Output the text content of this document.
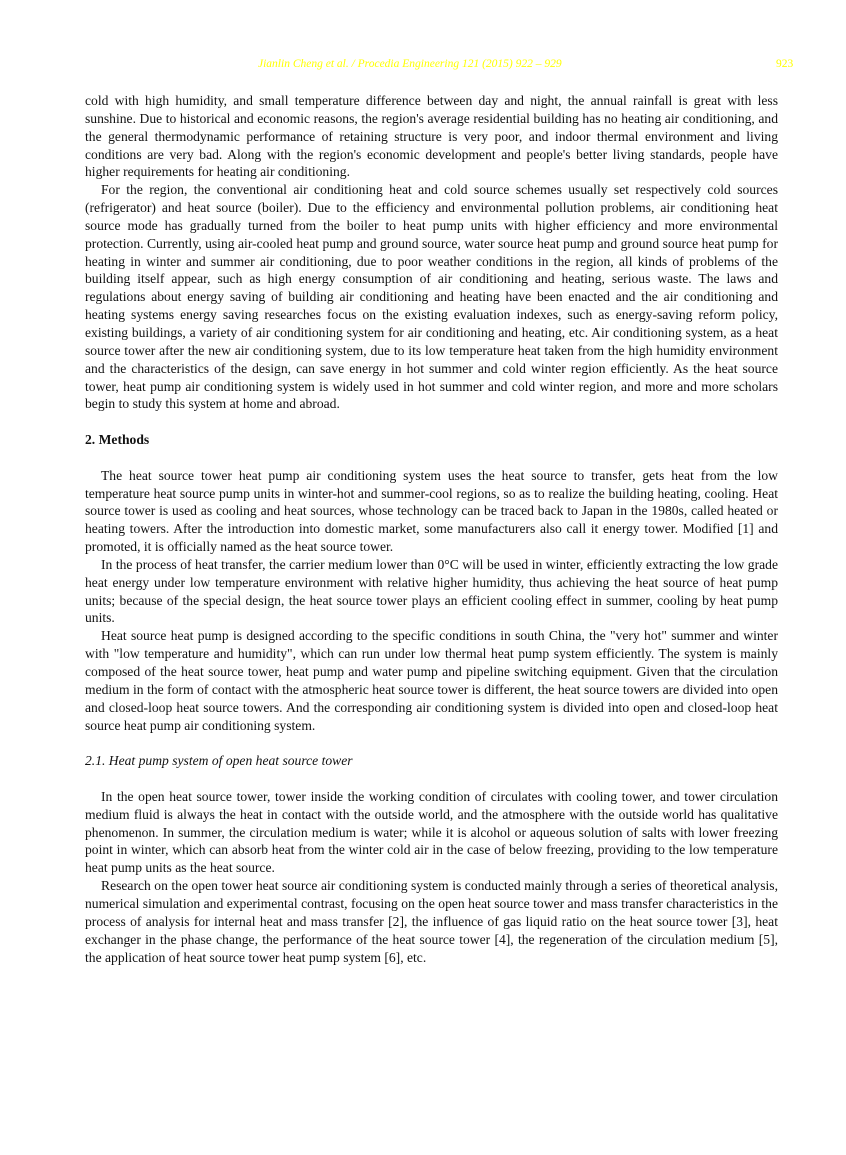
Jianlin Cheng et al. / Procedia Engineering 121 (2015) 922 – 929	923

cold with high humidity, and small temperature difference between day and night, the annual rainfall is great with less sunshine. Due to historical and economic reasons, the region's average residential building has no heating air conditioning, and the general thermodynamic performance of retaining structure is very poor, and indoor thermal environment and living conditions are very bad. Along with the region's economic development and people's better living standards, people have higher requirements for heating air conditioning.

For the region, the conventional air conditioning heat and cold source schemes usually set respectively cold sources (refrigerator) and heat source (boiler). Due to the efficiency and environmental pollution problems, air conditioning heat source mode has gradually turned from the boiler to heat pump units with higher efficiency and more environmental protection. Currently, using air-cooled heat pump and ground source, water source heat pump and ground source heat pump for heating in winter and summer air conditioning, due to poor weather conditions in the region, all kinds of problems of the building itself appear, such as high energy consumption of air conditioning and heating, serious waste. The laws and regulations about energy saving of building air conditioning and heating have been enacted and the air conditioning and heating systems energy saving researches focus on the existing evaluation indexes, such as energy-saving reform policy, existing buildings, a variety of air conditioning system for air conditioning and heating, etc. Air conditioning system, as a heat source tower after the new air conditioning system, due to its low temperature heat taken from the high humidity environment and the characteristics of the design, can save energy in hot summer and cold winter region efficiently. As the heat source tower, heat pump air conditioning system is widely used in hot summer and cold winter region, and more and more scholars begin to study this system at home and abroad.

2. Methods

The heat source tower heat pump air conditioning system uses the heat source to transfer, gets heat from the low temperature heat source pump units in winter-hot and summer-cool regions, so as to realize the building heating, cooling. Heat source tower is used as cooling and heat sources, whose technology can be traced back to Japan in the 1980s, called heated or heating towers. After the introduction into domestic market, some manufacturers also call it energy tower. Modified [1] and promoted, it is officially named as the heat source tower.

In the process of heat transfer, the carrier medium lower than 0°C will be used in winter, efficiently extracting the low grade heat energy under low temperature environment with relative higher humidity, thus achieving the heat source of heat pump units; because of the special design, the heat source tower plays an efficient cooling effect in summer, cooling by heat pump units.

Heat source heat pump is designed according to the specific conditions in south China, the "very hot" summer and winter with "low temperature and humidity", which can run under low thermal heat pump system efficiently. The system is mainly composed of the heat source tower, heat pump and water pump and pipeline switching equipment. Given that the circulation medium in the form of contact with the atmospheric heat source tower is different, the heat source towers are divided into open and closed-loop heat source towers. And the corresponding air conditioning system is divided into open and closed-loop heat source heat pump air conditioning system.

2.1. Heat pump system of open heat source tower

In the open heat source tower, tower inside the working condition of circulates with cooling tower, and tower circulation medium fluid is always the heat in contact with the outside world, and the atmosphere with the outside world has qualitative phenomenon. In summer, the circulation medium is water; while it is alcohol or aqueous solution of salts with lower freezing point in winter, which can absorb heat from the winter cold air in the case of below freezing, providing to the low temperature heat pump units as the heat source.

Research on the open tower heat source air conditioning system is conducted mainly through a series of theoretical analysis, numerical simulation and experimental contrast, focusing on the open heat source tower and mass transfer characteristics in the process of analysis for internal heat and mass transfer [2], the influence of gas liquid ratio on the heat source tower [3], heat exchanger in the phase change, the performance of the heat source tower [4], the regeneration of the circulation medium [5], the application of heat source tower heat pump system [6], etc.
